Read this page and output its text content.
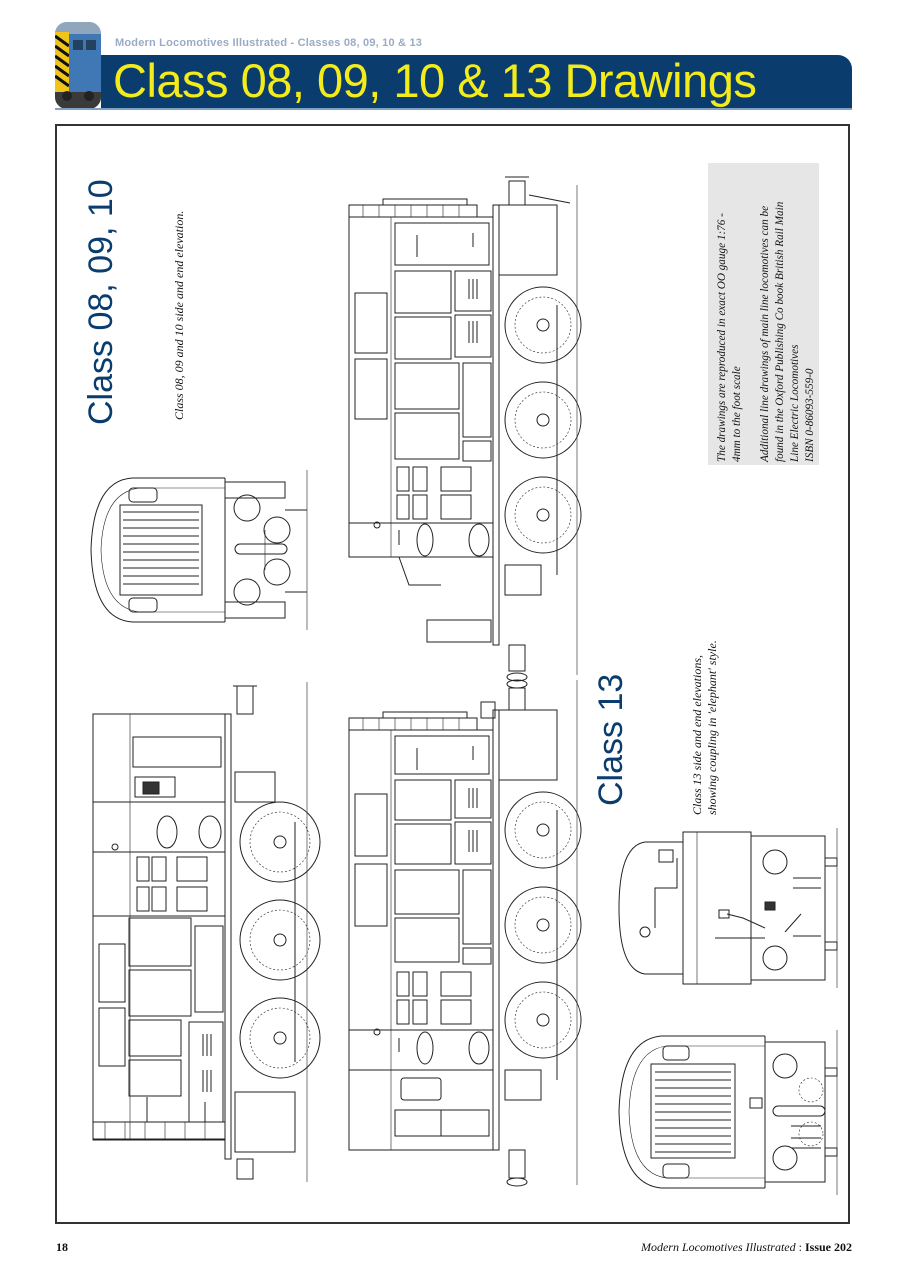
Modern Locomotives Illustrated - Classes 08, 09, 10 & 13
Class 08, 09, 10 & 13 Drawings
Class 08, 09, 10	Class 08, 09 and 10 side and end elevation.
Class 13	Class 13 side and end elevations, showing coupling in 'elephant' style.
The drawings are reproduced in exact OO gauge 1:76 - 4mm to the foot scale Additional line drawings of main line locomotives can be found in the Oxford Publishing Co book British Rail Main Line Electric Locomotives ISBN 0-86093-559-0
18	Modern Locomotives Illustrated : Issue 202
